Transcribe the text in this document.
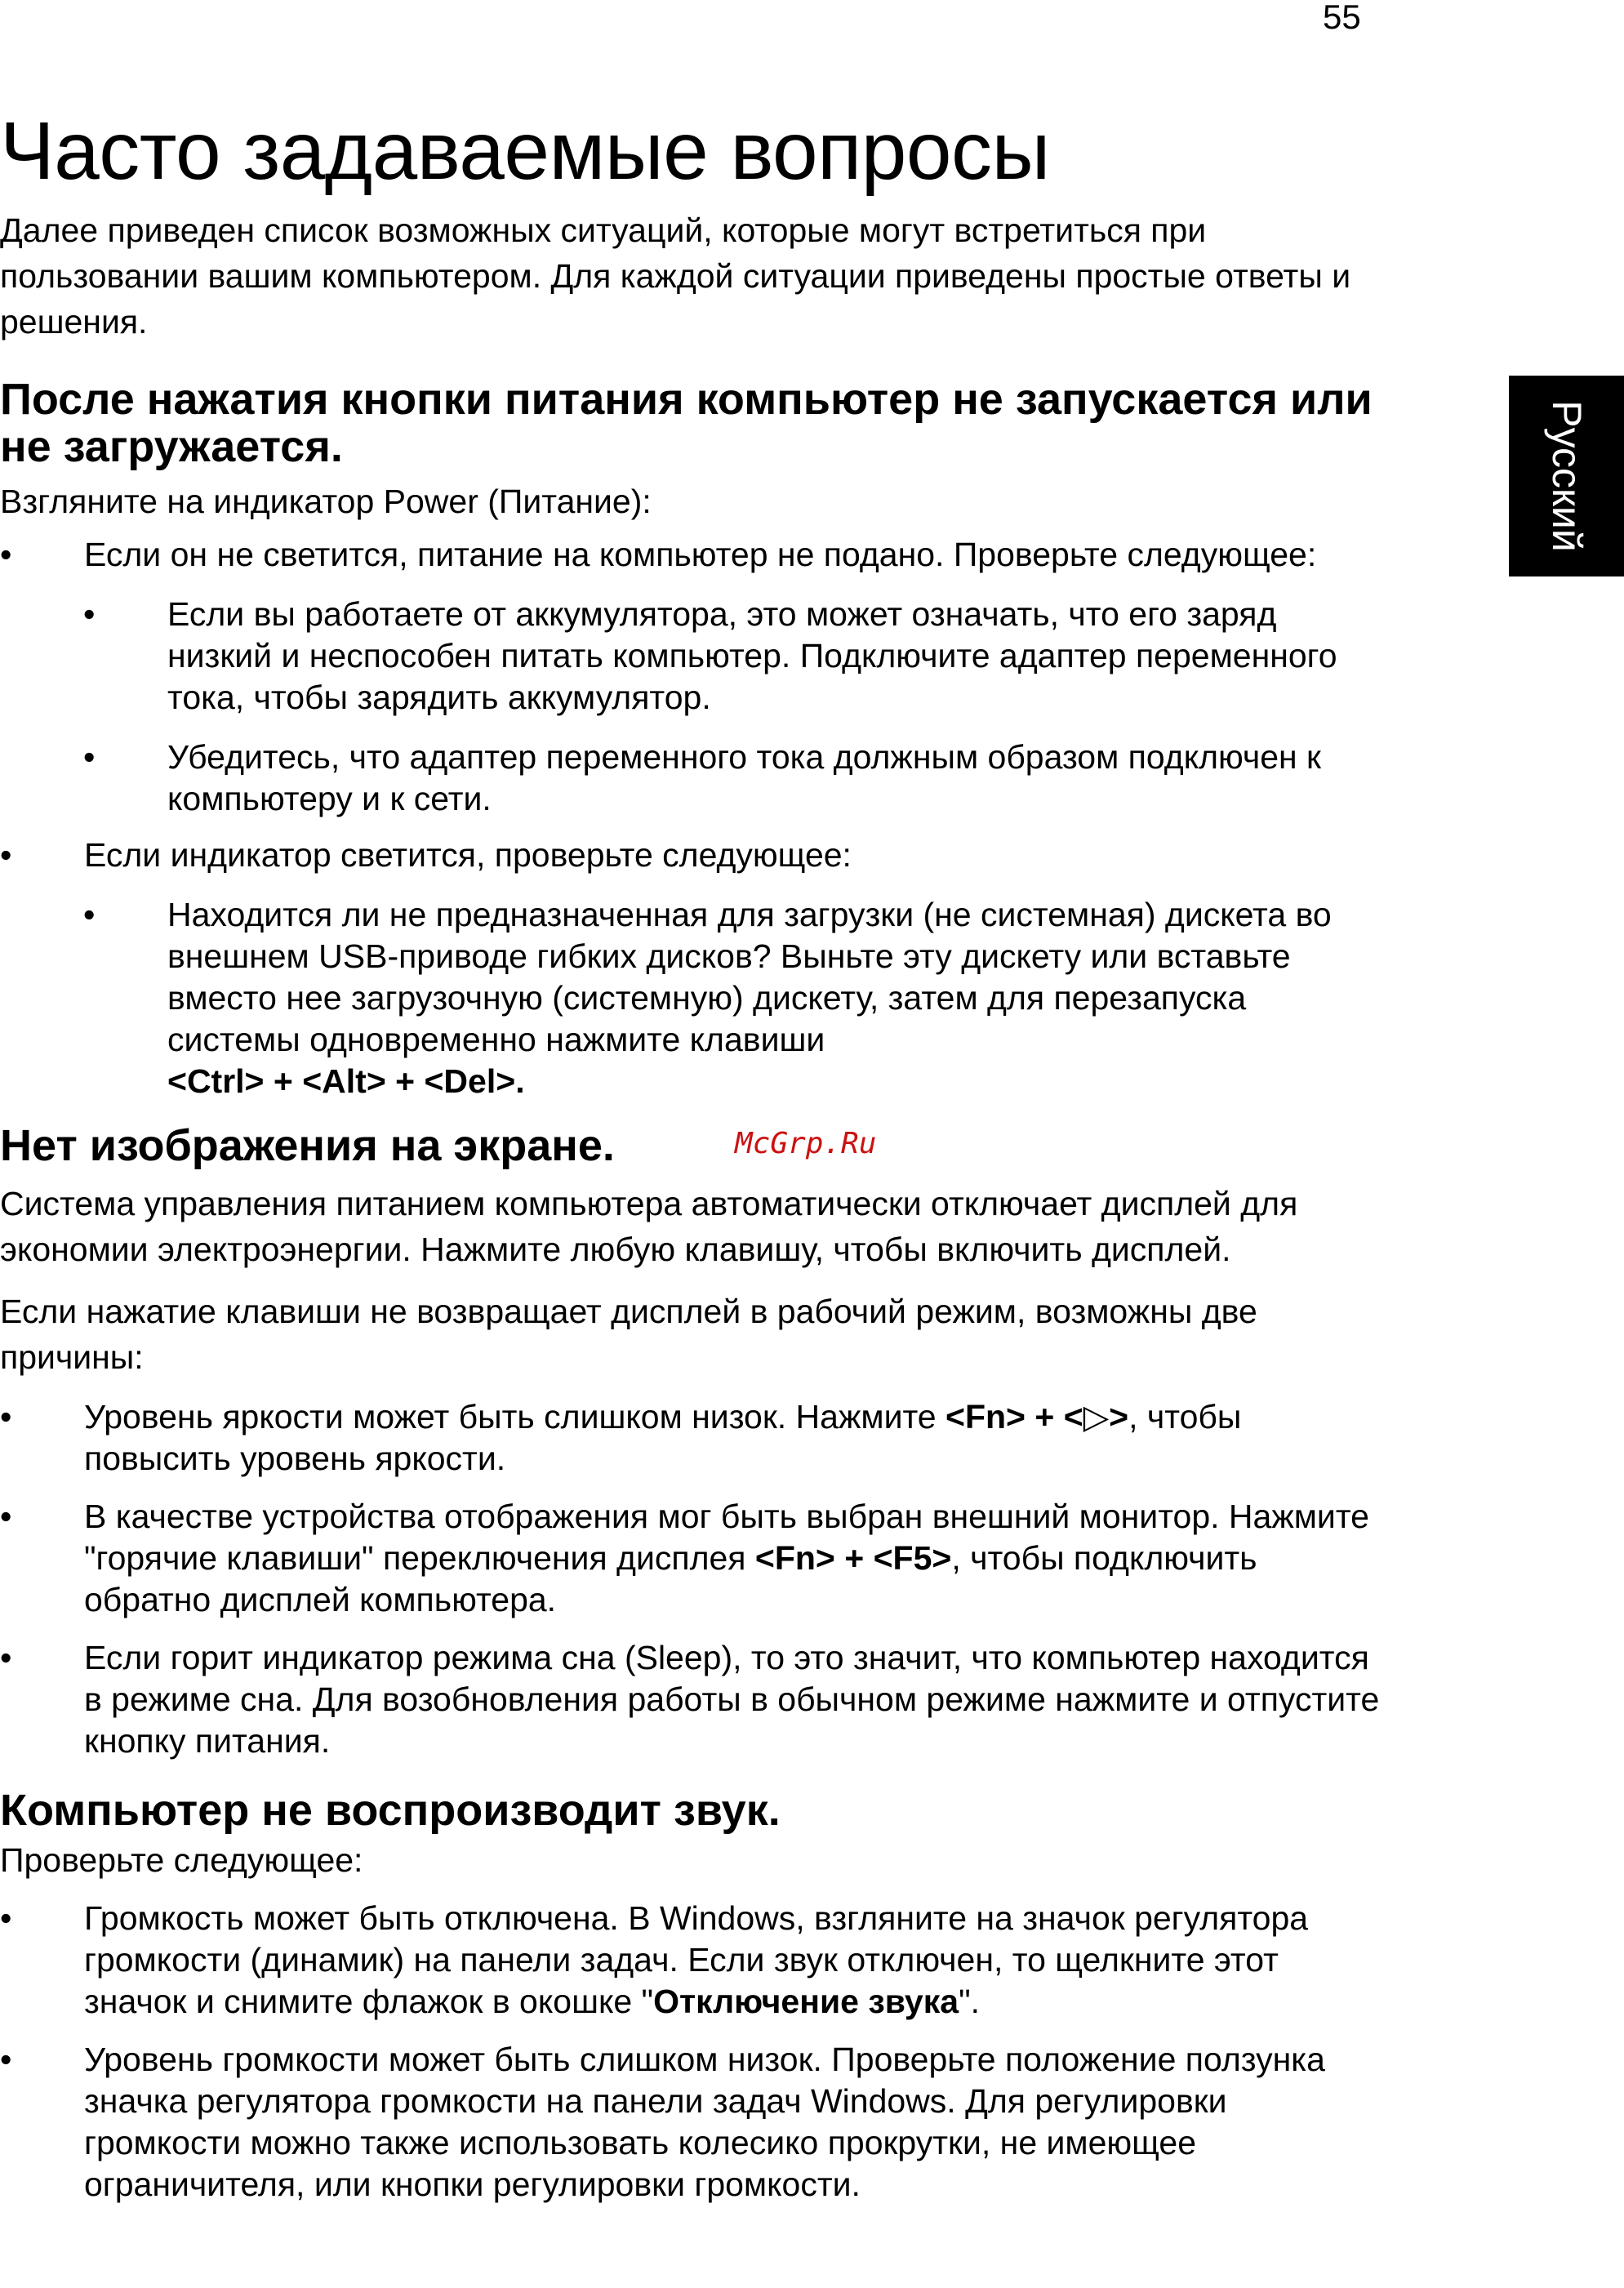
55
Русский
Часто задаваемые вопросы
McGrp.Ru

Далее приведен список возможных ситуаций, которые могут встретиться при пользовании вашим компьютером. Для каждой ситуации приведены простые ответы и решения.

После нажатия кнопки питания компьютер не запускается или не загружается.

Взгляните на индикатор Power (Питание):

• Если он не светится, питание на компьютер не подано. Проверьте следующее:
• Если вы работаете от аккумулятора, это может означать, что его заряд низкий и неспособен питать компьютер. Подключите адаптер переменного тока, чтобы зарядить аккумулятор.
• Убедитесь, что адаптер переменного тока должным образом подключен к компьютеру и к сети.
• Если индикатор светится, проверьте следующее:
• Находится ли не предназначенная для загрузки (не системная) дискета во внешнем USB-приводе гибких дисков? Выньте эту дискету или вставьте вместо нее загрузочную (системную) дискету, затем для перезапуска системы одновременно нажмите клавиши
<Ctrl> + <Alt> + <Del>.
Нет изображения на экране.

Система управления питанием компьютера автоматически отключает дисплей для экономии электроэнергии. Нажмите любую клавишу, чтобы включить дисплей.

Если нажатие клавиши не возвращает дисплей в рабочий режим, возможны две причины:

• Уровень яркости может быть слишком низок. Нажмите <Fn> + <▷>, чтобы повысить уровень яркости.
• В качестве устройства отображения мог быть выбран внешний монитор. Нажмите "горячие клавиши" переключения дисплея <Fn> + <F5>, чтобы подключить обратно дисплей компьютера.
• Если горит индикатор режима сна (Sleep), то это значит, что компьютер находится в режиме сна. Для возобновления работы в обычном режиме нажмите и отпустите кнопку питания.
Компьютер не воспроизводит звук.

Проверьте следующее:

• Громкость может быть отключена. В Windows, взгляните на значок регулятора громкости (динамик) на панели задач. Если звук отключен, то щелкните этот значок и снимите флажок в окошке "Отключение звука".
• Уровень громкости может быть слишком низок. Проверьте положение ползунка значка регулятора громкости на панели задач Windows. Для регулировки громкости можно также использовать колесико прокрутки, не имеющее ограничителя, или кнопки регулировки громкости.
